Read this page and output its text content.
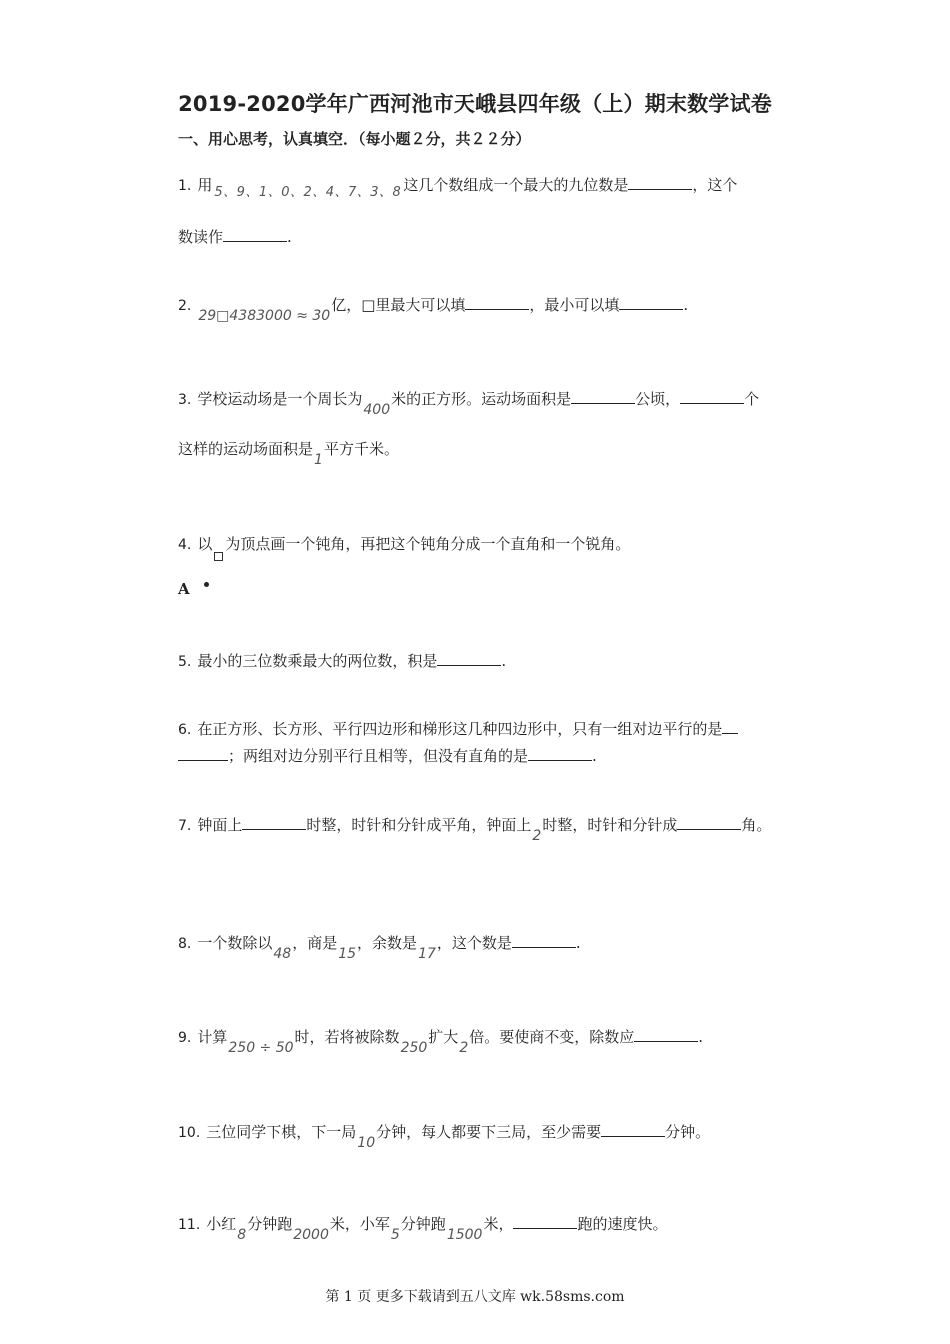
2019-2020学年广西河池市天峨县四年级（上）期末数学试卷
一、用心思考，认真填空．（每小题２分，共２２分）
1. 用 5、9、1、0、2、4、7、3、8 这几个数组成一个最大的九位数是	，这个
数读作	.
2.29□4383000 ≈ 30亿，□里最大可以填	，最小可以填	.
3. 学校运动场是一个周长为400米的正方形。运动场面积是	公顷，	个
这样的运动场面积是1平方千米。
4. 以 为顶点画一个钝角，再把这个钝角分成一个直角和一个锐角。
A
5. 最小的三位数乘最大的两位数，积是	.
6. 在正方形、长方形、平行四边形和梯形这几种四边形中，只有一组对边平行的是
；两组对边分别平行且相等，但没有直角的是	.
7. 钟面上	时整，时针和分针成平角，钟面上2时整，时针和分针成	角。
8. 一个数除以48，商是15，余数是17，这个数是	.
9. 计算250 ÷ 50时，若将被除数250扩大2倍。要使商不变，除数应	.
10. 三位同学下棋，下一局10分钟，每人都要下三局，至少需要	分钟。
11. 小红8分钟跑2000米，小军5分钟跑1500米，	跑的速度快。
第 1 页 更多下载请到五八文库 wk.58sms.com
